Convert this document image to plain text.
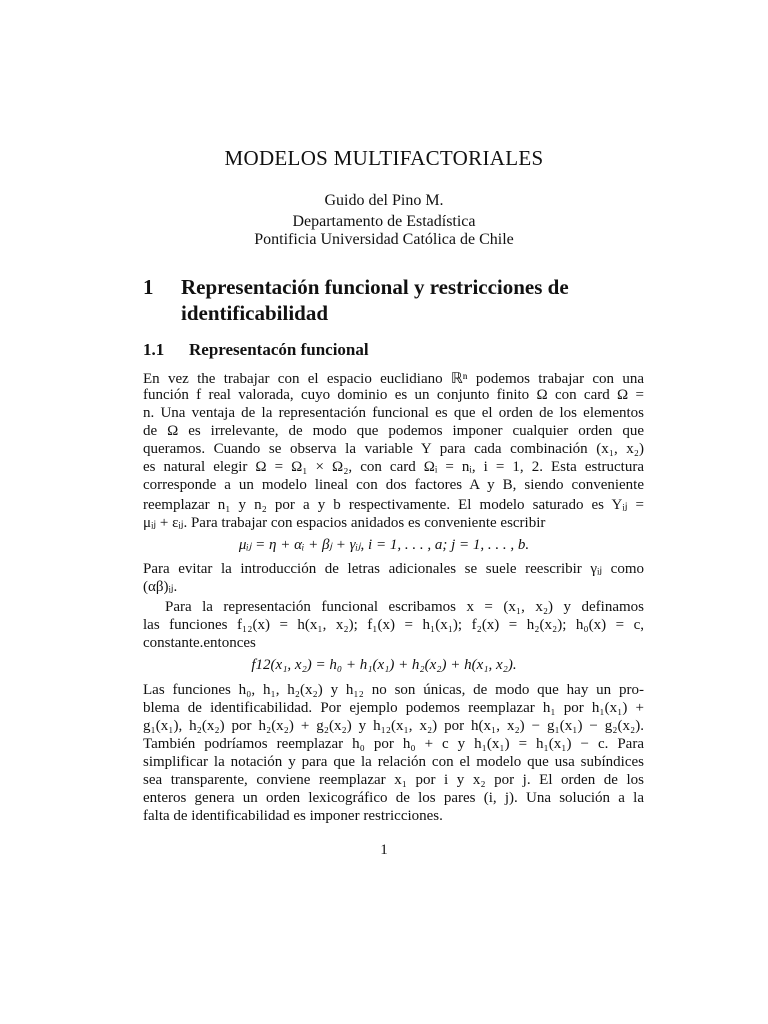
MODELOS MULTIFACTORIALES
Guido del Pino M.
Departamento de Estadística
Pontificia Universidad Católica de Chile
1 Representación funcional y restricciones de identificabilidad
1.1 Representacón funcional
En vez the trabajar con el espacio euclidiano ℝⁿ podemos trabajar con una
función f real valorada, cuyo dominio es un conjunto finito Ω con card Ω =
n. Una ventaja de la representación funcional es que el orden de los elementos
de Ω es irrelevante, de modo que podemos imponer cualquier orden que
queramos. Cuando se observa la variable Y para cada combinación (x₁, x₂)
es natural elegir Ω = Ω₁ × Ω₂, con card Ωᵢ = nᵢ, i = 1, 2. Esta estructura
corresponde a un modelo lineal con dos factores A y B, siendo conveniente
reemplazar n₁ y n₂ por a y b respectivamente. El modelo saturado es Yᵢⱼ =
μᵢⱼ + εᵢⱼ. Para trabajar con espacios anidados es conveniente escribir
μᵢⱼ = η + αᵢ + βⱼ + γᵢⱼ, i = 1, . . . , a; j = 1, . . . , b.
Para evitar la introducción de letras adicionales se suele reescribir γᵢⱼ como
(αβ)ᵢⱼ.
Para la representación funcional escribamos x = (x₁, x₂) y definamos
las funciones f₁₂(x) = h(x₁, x₂); f₁(x) = h₁(x₁); f₂(x) = h₂(x₂); h₀(x) = c,
constante.entonces
f12(x₁, x₂) = h₀ + h₁(x₁) + h₂(x₂) + h(x₁, x₂).
Las funciones h₀, h₁, h₂(x₂) y h₁₂ no son únicas, de modo que hay un pro-
blema de identificabilidad. Por ejemplo podemos reemplazar h₁ por h₁(x₁) +
g₁(x₁), h₂(x₂) por h₂(x₂) + g₂(x₂) y h₁₂(x₁, x₂) por h(x₁, x₂) − g₁(x₁) − g₂(x₂).
También podríamos reemplazar h₀ por h₀ + c y h₁(x₁) = h₁(x₁) − c. Para
simplificar la notación y para que la relación con el modelo que usa subíndices
sea transparente, conviene reemplazar x₁ por i y x₂ por j. El orden de los
enteros genera un orden lexicográfico de los pares (i, j). Una solución a la
falta de identificabilidad es imponer restricciones.
1
